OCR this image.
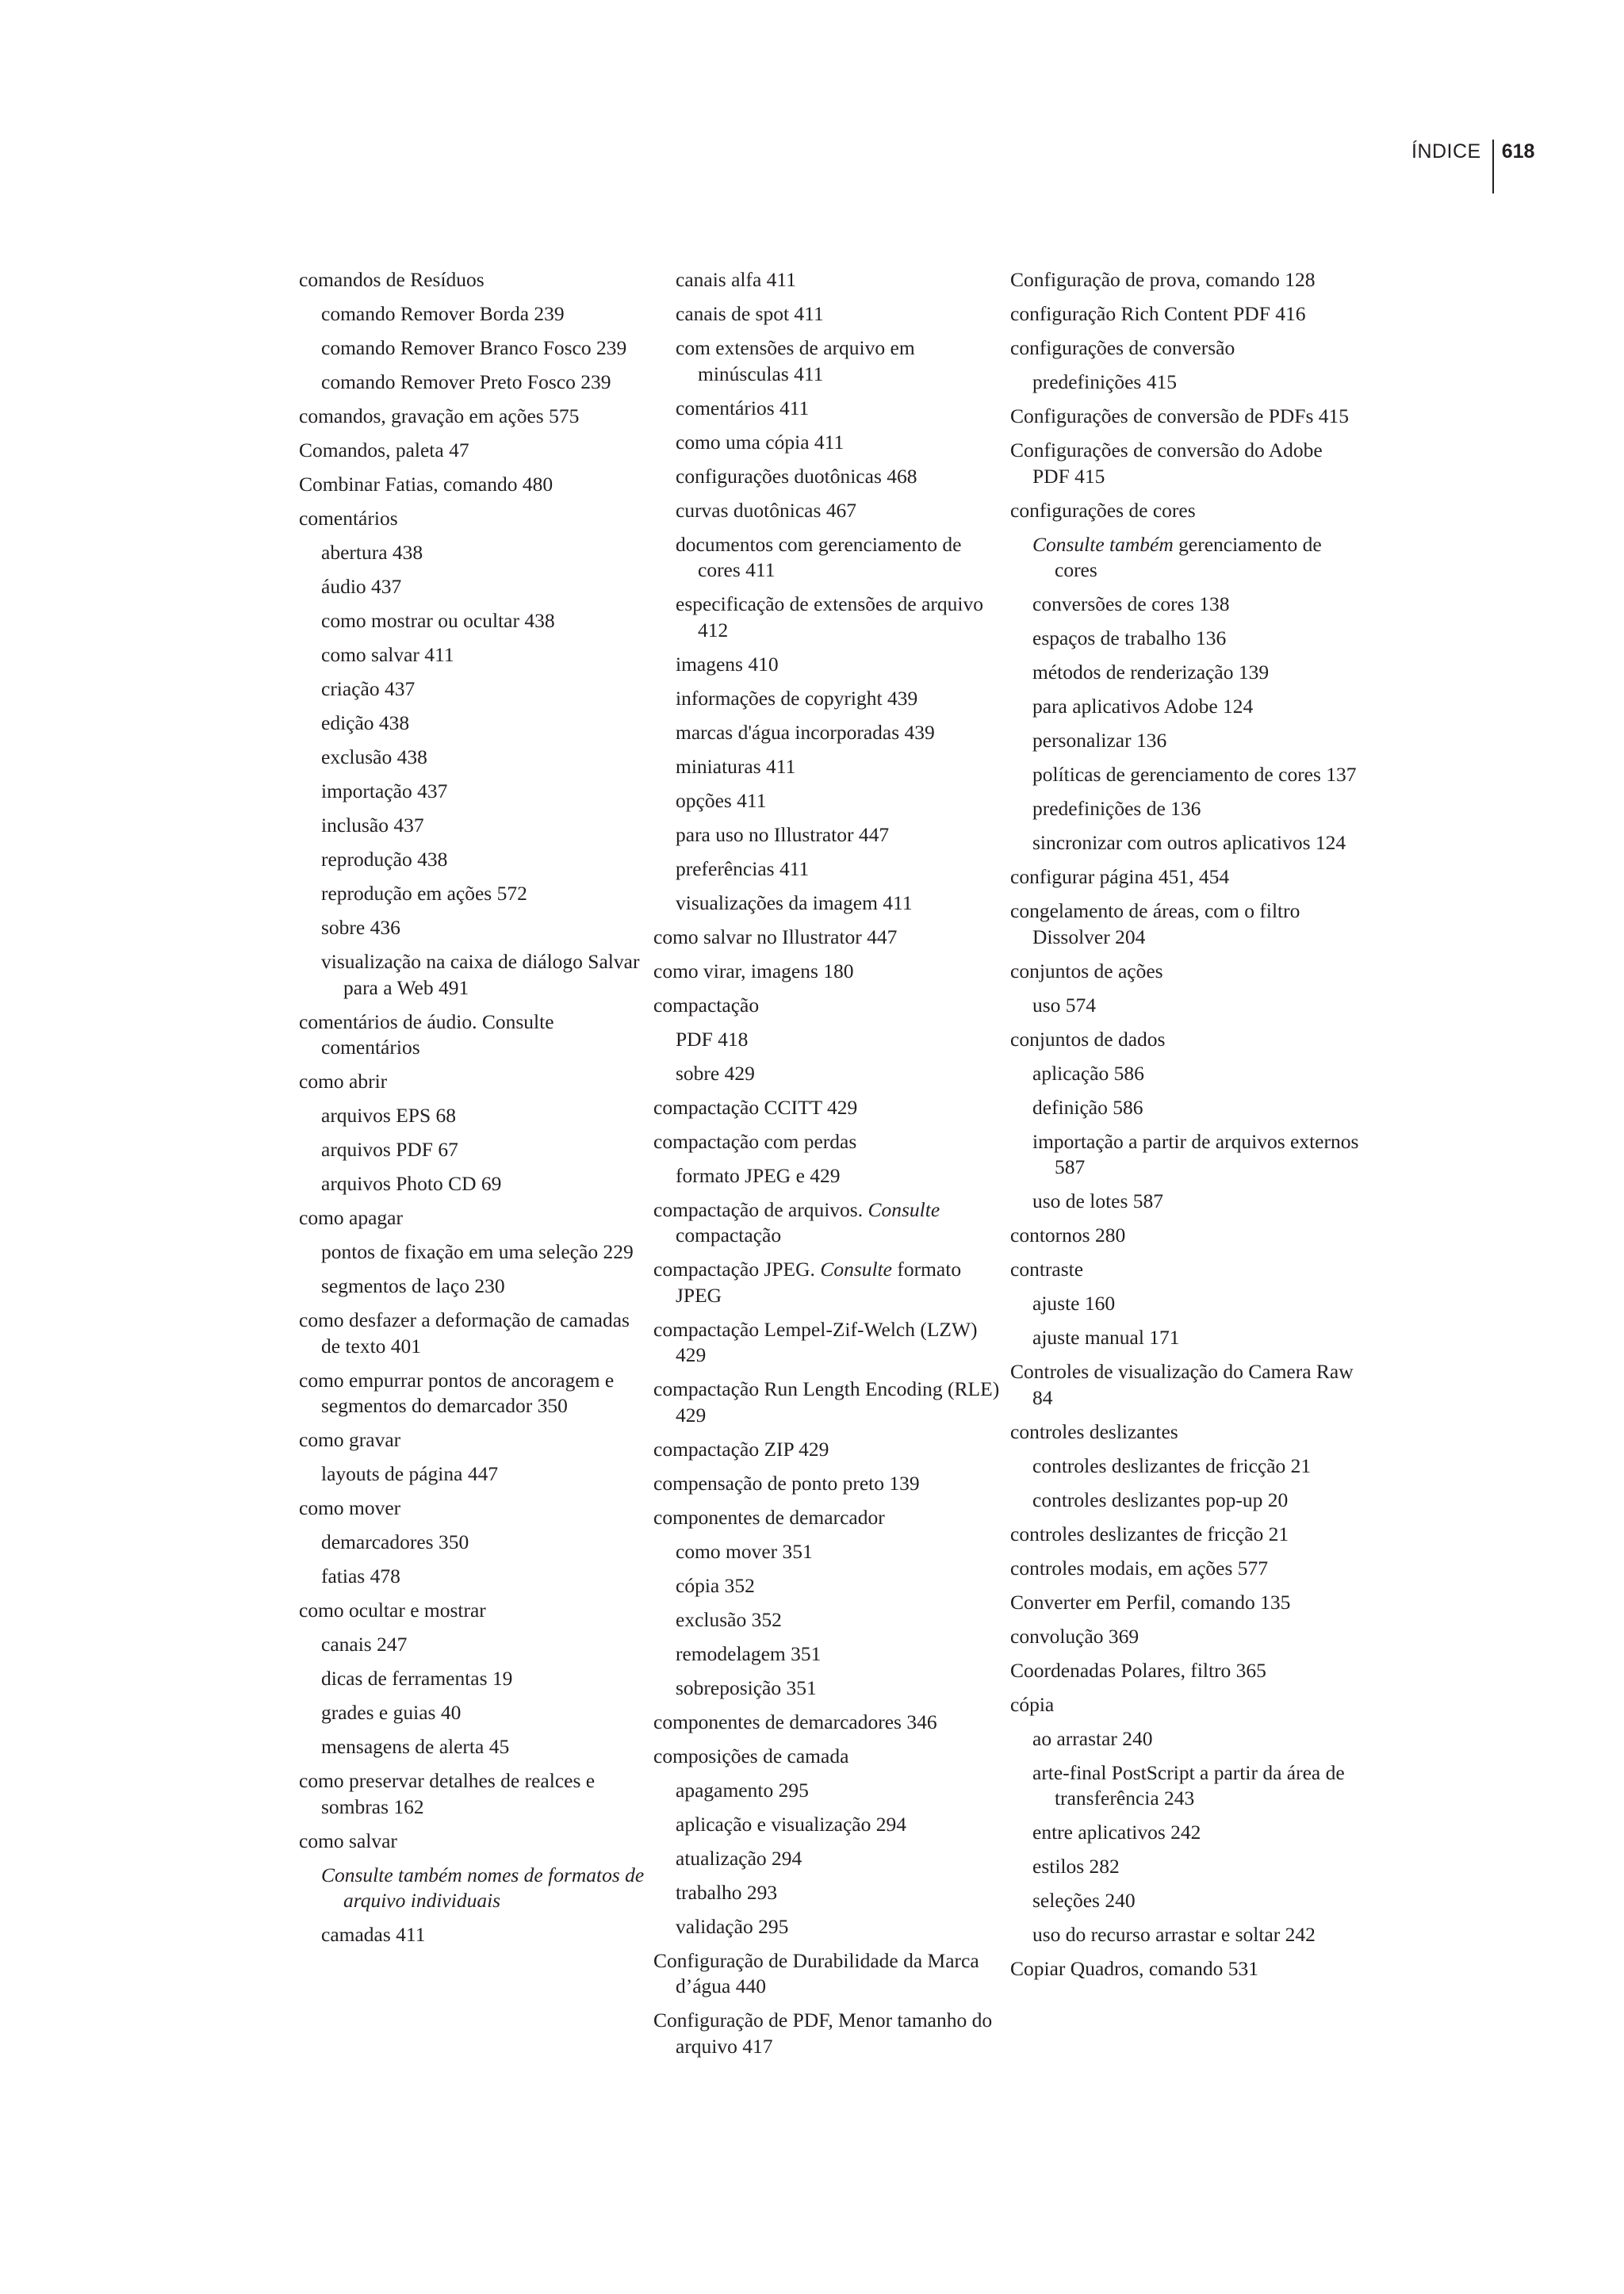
ÍNDICE	618
comandos de Resíduos
comando Remover Borda 239
comando Remover Branco Fosco 239
comando Remover Preto Fosco 239
comandos, gravação em ações 575
Comandos, paleta 47
Combinar Fatias, comando 480
comentários
abertura 438
áudio 437
como mostrar ou ocultar 438
como salvar 411
criação 437
edição 438
exclusão 438
importação 437
inclusão 437
reprodução 438
reprodução em ações 572
sobre 436
visualização na caixa de diálogo Salvar para a Web 491
comentários de áudio. Consulte comentários
como abrir
arquivos EPS 68
arquivos PDF 67
arquivos Photo CD 69
como apagar
pontos de fixação em uma seleção 229
segmentos de laço 230
como desfazer a deformação de camadas de texto 401
como empurrar pontos de ancoragem e segmentos do demarcador 350
como gravar
layouts de página 447
como mover
demarcadores 350
fatias 478
como ocultar e mostrar
canais 247
dicas de ferramentas 19
grades e guias 40
mensagens de alerta 45
como preservar detalhes de realces e sombras 162
como salvar
Consulte também nomes de formatos de arquivo individuais
camadas 411
canais alfa 411
canais de spot 411
com extensões de arquivo em minúsculas 411
comentários 411
como uma cópia 411
configurações duotônicas 468
curvas duotônicas 467
documentos com gerenciamento de cores 411
especificação de extensões de arquivo 412
imagens 410
informações de copyright 439
marcas d'água incorporadas 439
miniaturas 411
opções 411
para uso no Illustrator 447
preferências 411
visualizações da imagem 411
como salvar no Illustrator 447
como virar, imagens 180
compactação
PDF 418
sobre 429
compactação CCITT 429
compactação com perdas
formato JPEG e 429
compactação de arquivos. Consulte compactação
compactação JPEG. Consulte formato JPEG
compactação Lempel-Zif-Welch (LZW) 429
compactação Run Length Encoding (RLE) 429
compactação ZIP 429
compensação de ponto preto 139
componentes de demarcador
como mover 351
cópia 352
exclusão 352
remodelagem 351
sobreposição 351
componentes de demarcadores 346
composições de camada
apagamento 295
aplicação e visualização 294
atualização 294
trabalho 293
validação 295
Configuração de Durabilidade da Marca d’água 440
Configuração de PDF, Menor tamanho do arquivo 417
Configuração de prova, comando 128
configuração Rich Content PDF 416
configurações de conversão
predefinições 415
Configurações de conversão de PDFs 415
Configurações de conversão do Adobe PDF 415
configurações de cores
Consulte também gerenciamento de cores
conversões de cores 138
espaços de trabalho 136
métodos de renderização 139
para aplicativos Adobe 124
personalizar 136
políticas de gerenciamento de cores 137
predefinições de 136
sincronizar com outros aplicativos 124
configurar página 451, 454
congelamento de áreas, com o filtro Dissolver 204
conjuntos de ações
uso 574
conjuntos de dados
aplicação 586
definição 586
importação a partir de arquivos externos 587
uso de lotes 587
contornos 280
contraste
ajuste 160
ajuste manual 171
Controles de visualização do Camera Raw 84
controles deslizantes
controles deslizantes de fricção 21
controles deslizantes pop-up 20
controles deslizantes de fricção 21
controles modais, em ações 577
Converter em Perfil, comando 135
convolução 369
Coordenadas Polares, filtro 365
cópia
ao arrastar 240
arte-final PostScript a partir da área de transferência 243
entre aplicativos 242
estilos 282
seleções 240
uso do recurso arrastar e soltar 242
Copiar Quadros, comando 531
